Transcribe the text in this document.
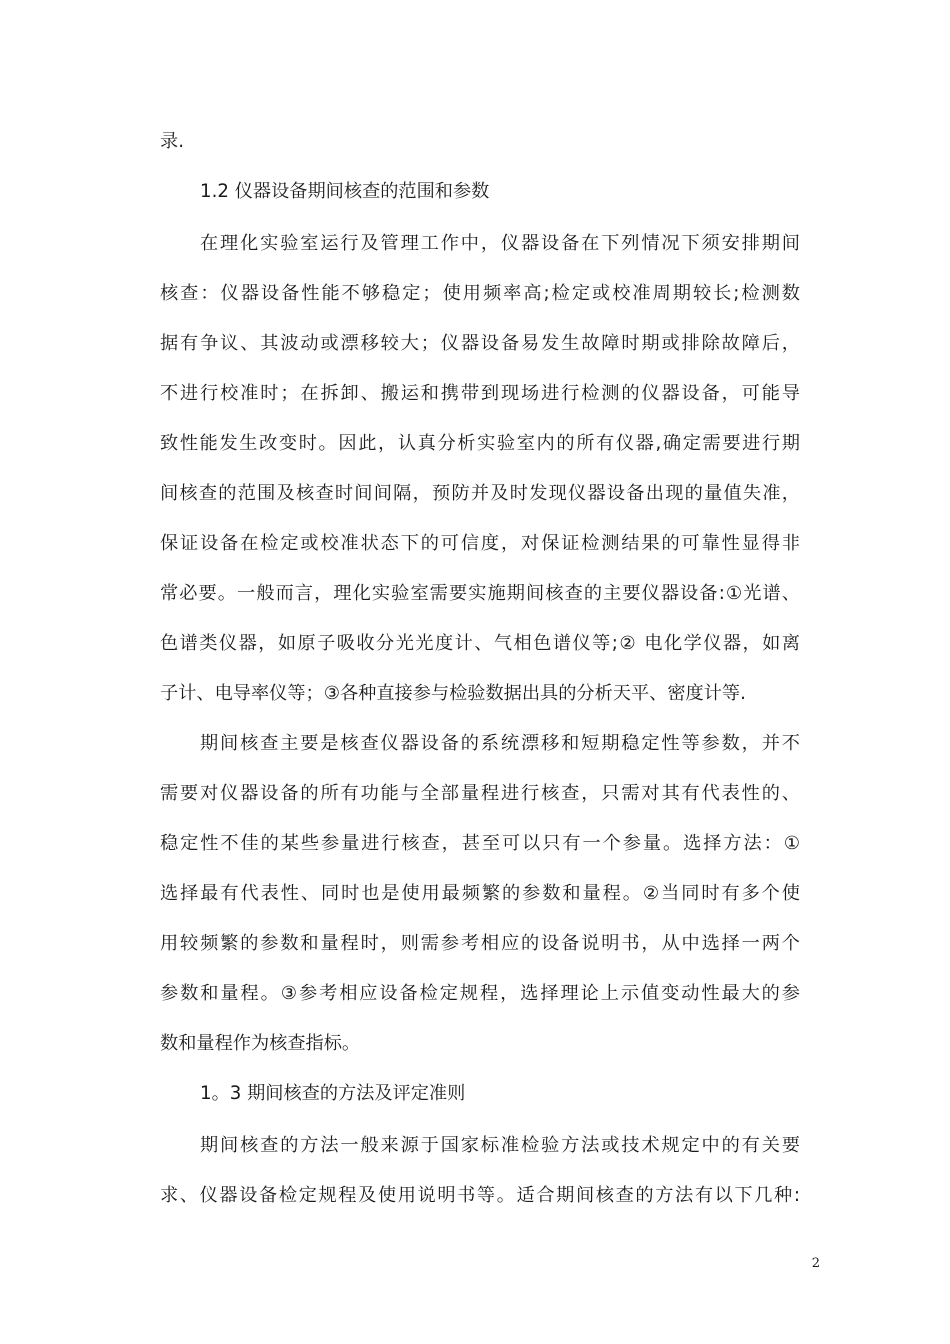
录.
1.2 仪器设备期间核查的范围和参数
在理化实验室运行及管理工作中，仪器设备在下列情况下须安排期间
核查：仪器设备性能不够稳定；使用频率高;检定或校准周期较长;检测数
据有争议、其波动或漂移较大；仪器设备易发生故障时期或排除故障后，
不进行校准时；在拆卸、搬运和携带到现场进行检测的仪器设备，可能导
致性能发生改变时。因此，认真分析实验室内的所有仪器,确定需要进行期
间核查的范围及核查时间间隔，预防并及时发现仪器设备出现的量值失准，
保证设备在检定或校准状态下的可信度，对保证检测结果的可靠性显得非
常必要。一般而言，理化实验室需要实施期间核查的主要仪器设备:①光谱、
色谱类仪器，如原子吸收分光光度计、气相色谱仪等;② 电化学仪器，如离
子计、电导率仪等；③各种直接参与检验数据出具的分析天平、密度计等.
期间核查主要是核查仪器设备的系统漂移和短期稳定性等参数，并不
需要对仪器设备的所有功能与全部量程进行核查，只需对其有代表性的、
稳定性不佳的某些参量进行核查，甚至可以只有一个参量。选择方法：①
选择最有代表性、同时也是使用最频繁的参数和量程。②当同时有多个使
用较频繁的参数和量程时，则需参考相应的设备说明书，从中选择一两个
参数和量程。③参考相应设备检定规程，选择理论上示值变动性最大的参
数和量程作为核查指标。
1。3 期间核查的方法及评定准则
期间核查的方法一般来源于国家标准检验方法或技术规定中的有关要
求、仪器设备检定规程及使用说明书等。适合期间核查的方法有以下几种:
2
